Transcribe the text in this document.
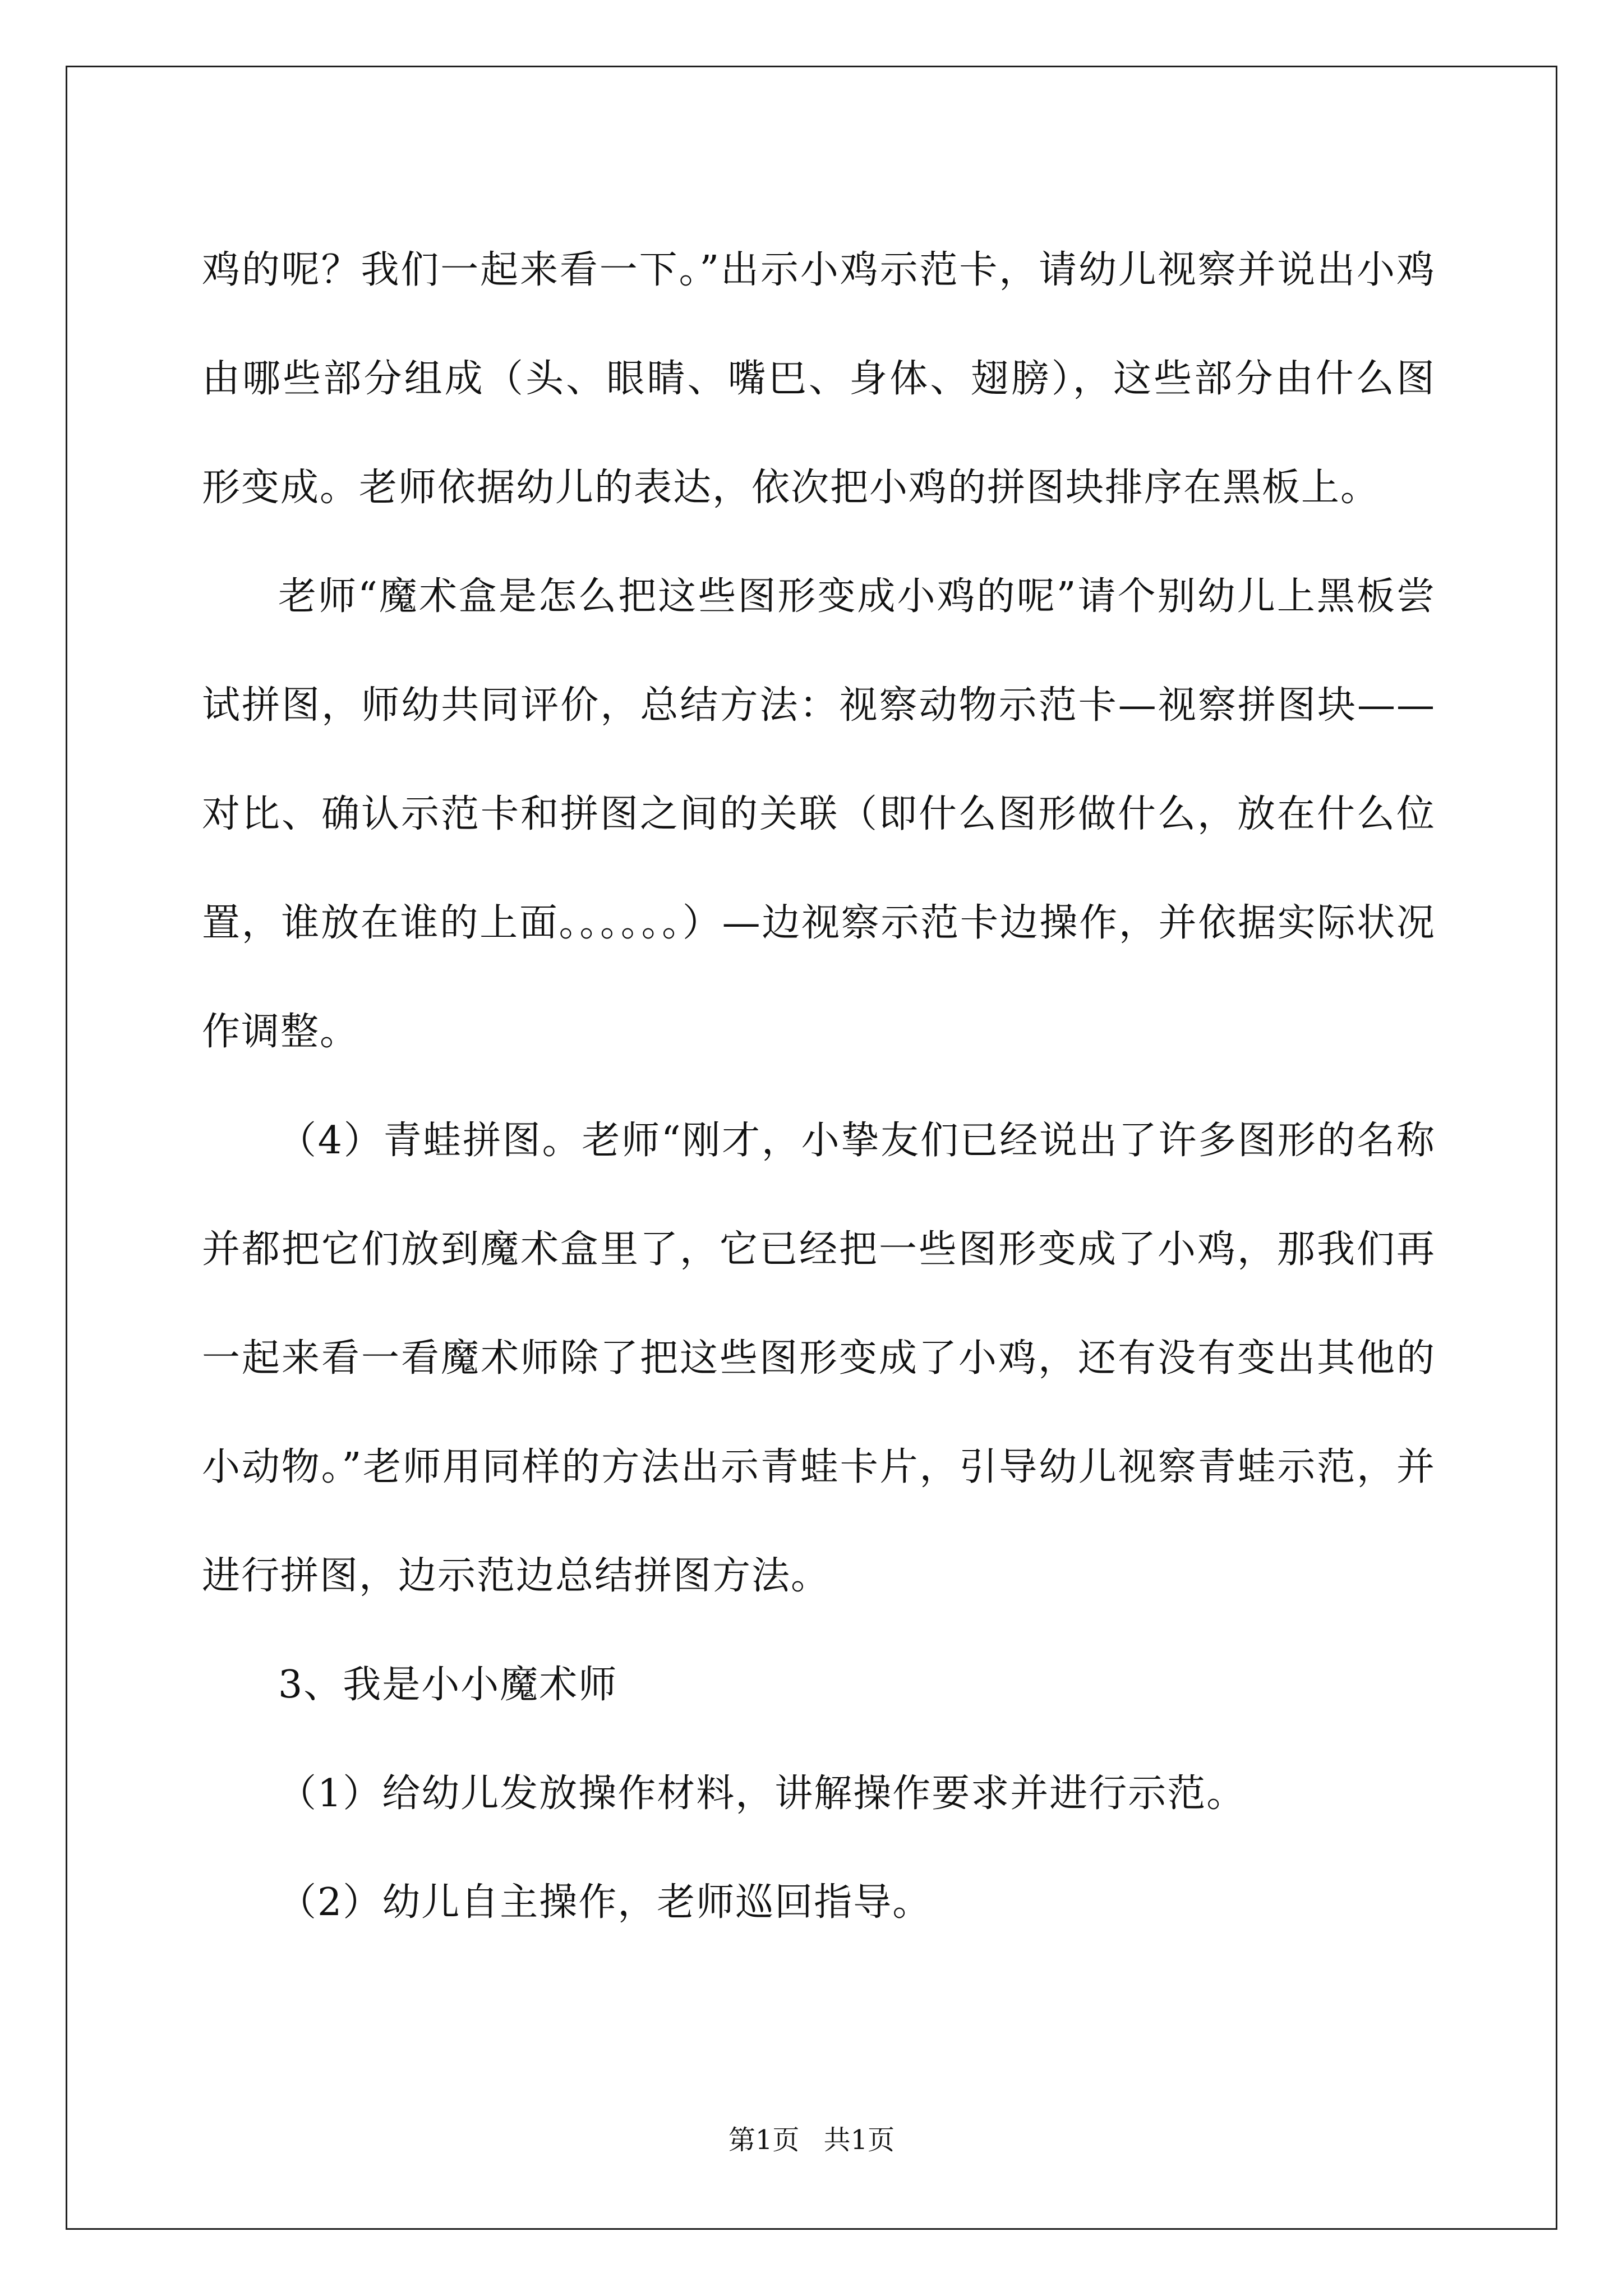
鸡的呢？我们一起来看一下。”出示小鸡示范卡，请幼儿视察并说出小鸡由哪些部分组成（头、眼睛、嘴巴、身体、翅膀），这些部分由什么图形变成。老师依据幼儿的表达，依次把小鸡的拼图块排序在黑板上。

老师“魔术盒是怎么把这些图形变成小鸡的呢”请个别幼儿上黑板尝试拼图，师幼共同评价，总结方法：视察动物示范卡—视察拼图块——对比、确认示范卡和拼图之间的关联（即什么图形做什么，放在什么位置，谁放在谁的上面。。。。。。）—边视察示范卡边操作，并依据实际状况作调整。

（4）青蛙拼图。老师“刚才，小挚友们已经说出了许多图形的名称并都把它们放到魔术盒里了，它已经把一些图形变成了小鸡，那我们再一起来看一看魔术师除了把这些图形变成了小鸡，还有没有变出其他的小动物。”老师用同样的方法出示青蛙卡片，引导幼儿视察青蛙示范，并进行拼图，边示范边总结拼图方法。

3、我是小小魔术师

（1）给幼儿发放操作材料，讲解操作要求并进行示范。

（2）幼儿自主操作，老师巡回指导。

第1页 共1页
